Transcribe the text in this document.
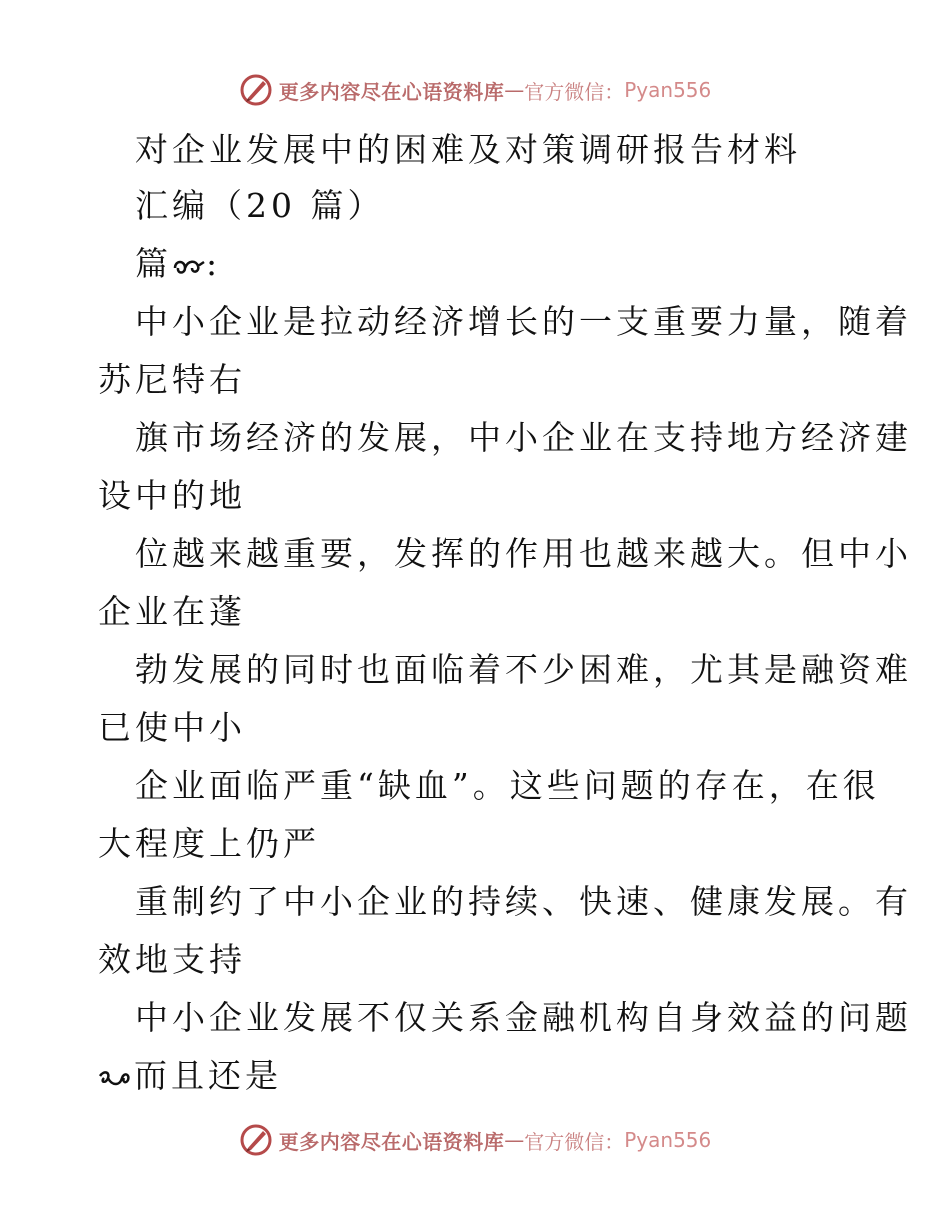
更多内容尽在心语资料库 — 官方微信： Pyan556
对企业发展中的困难及对策调研报告材料
汇编（20 篇）
篇 :
中小企业是拉动经济增长的一支重要力量，随着
苏尼特右
旗市场经济的发展，中小企业在支持地方经济建
设中的地
位越来越重要，发挥的作用也越来越大。但中小
企业在蓬
勃发展的同时也面临着不少困难，尤其是融资难
已使中小
企业面临严重“缺血”。这些问题的存在，在很
大程度上仍严
重制约了中小企业的持续、快速、健康发展。有
效地支持
中小企业发展不仅关系金融机构自身效益的问题
而且还是
更多内容尽在心语资料库 — 官方微信： Pyan556
